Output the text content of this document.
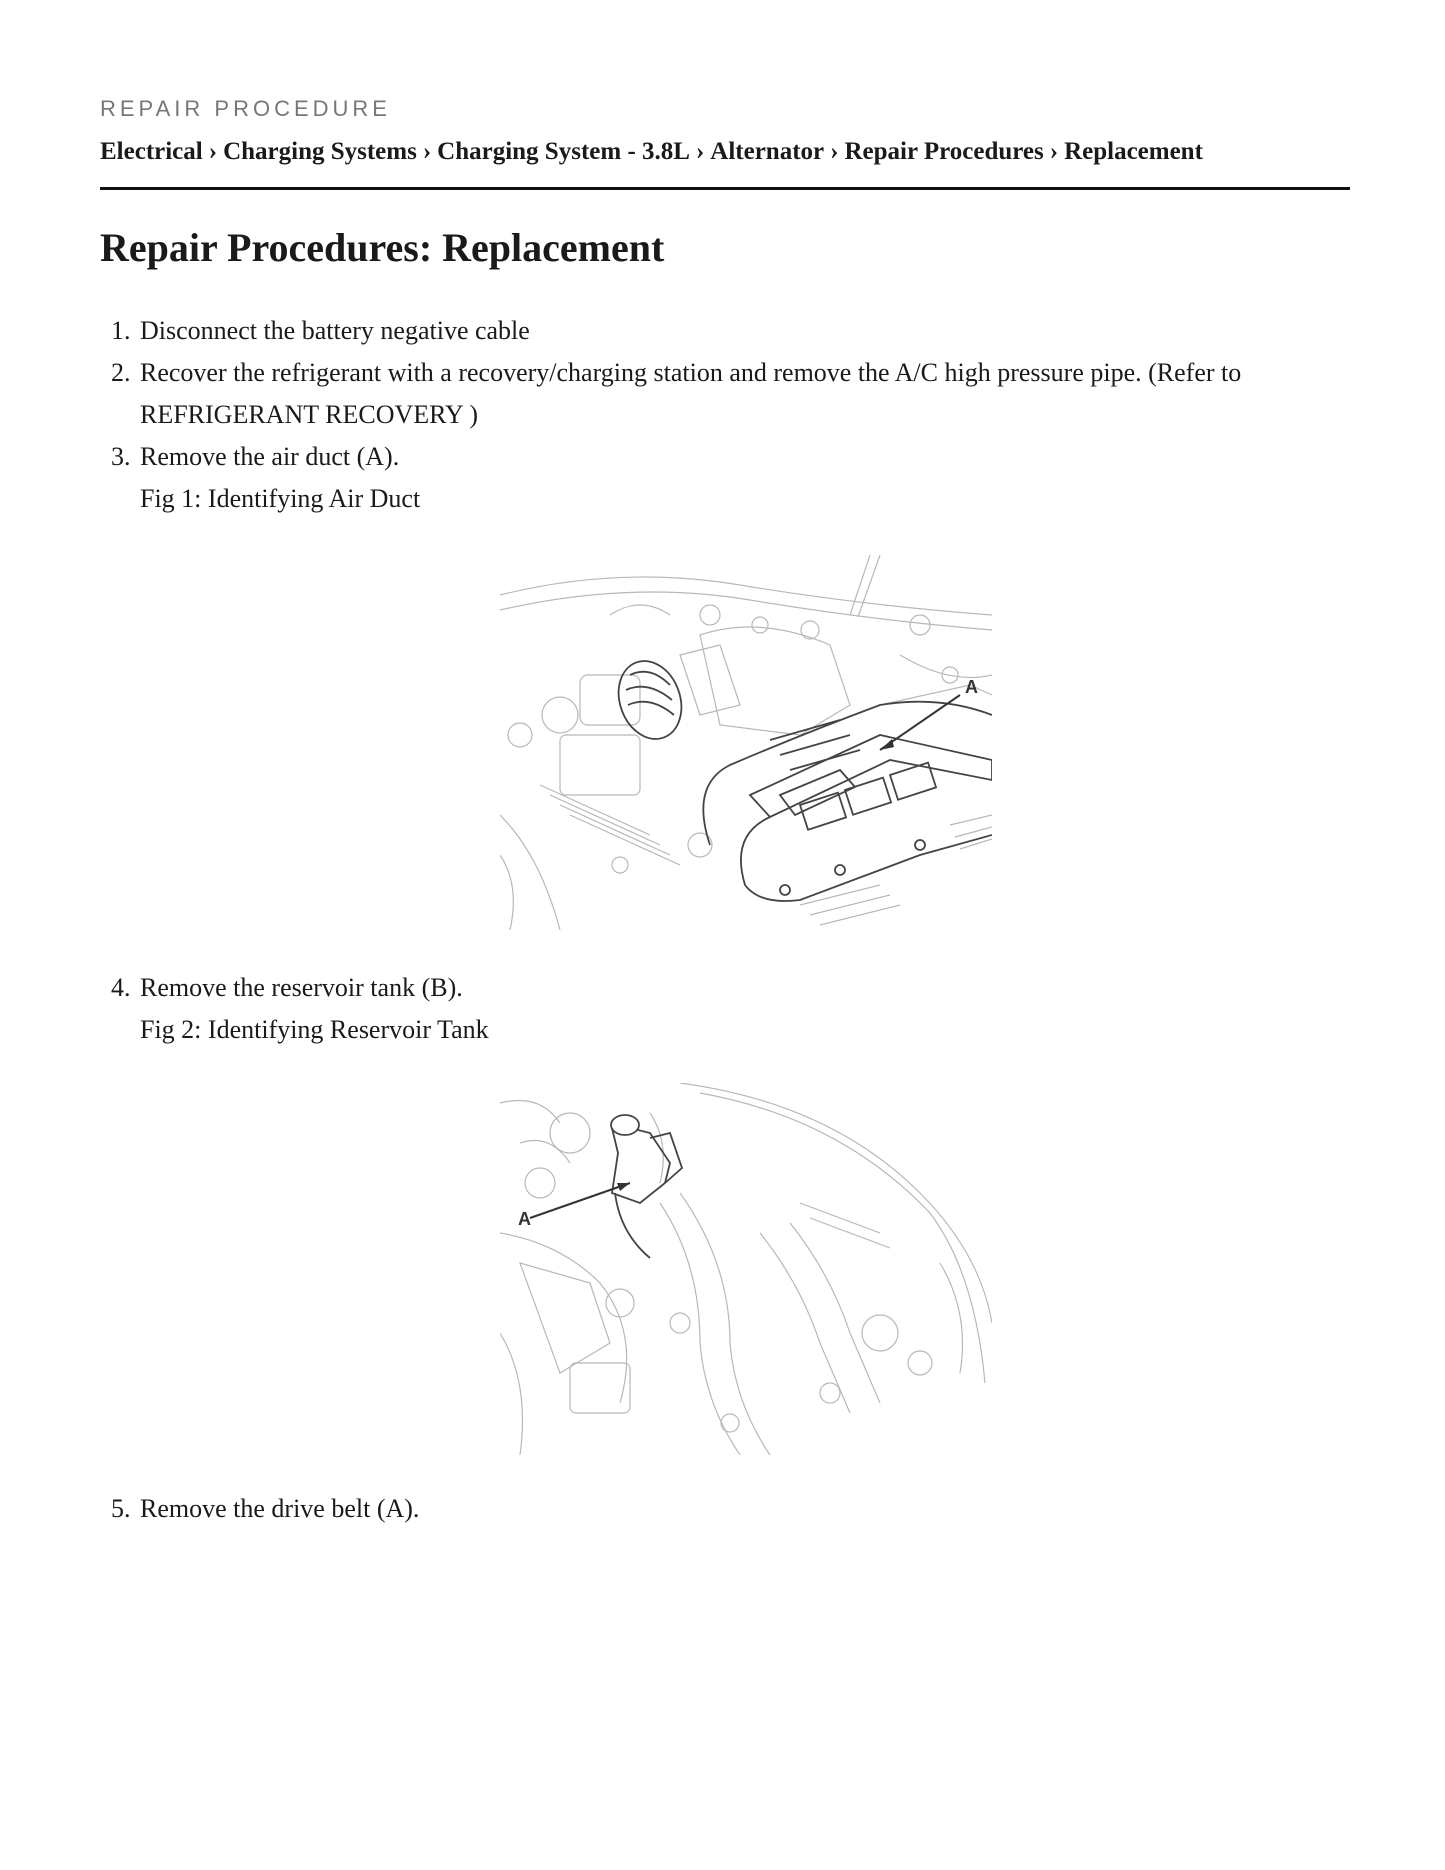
REPAIR PROCEDURE
Electrical › Charging Systems › Charging System - 3.8L › Alternator › Repair Procedures › Replacement
Repair Procedures: Replacement
1. Disconnect the battery negative cable
2. Recover the refrigerant with a recovery/charging station and remove the A/C high pressure pipe. (Refer to
REFRIGERANT RECOVERY )
3. Remove the air duct (A).
Fig 1: Identifying Air Duct
4. Remove the reservoir tank (B).
Fig 2: Identifying Reservoir Tank
5. Remove the drive belt (A).
A
A
